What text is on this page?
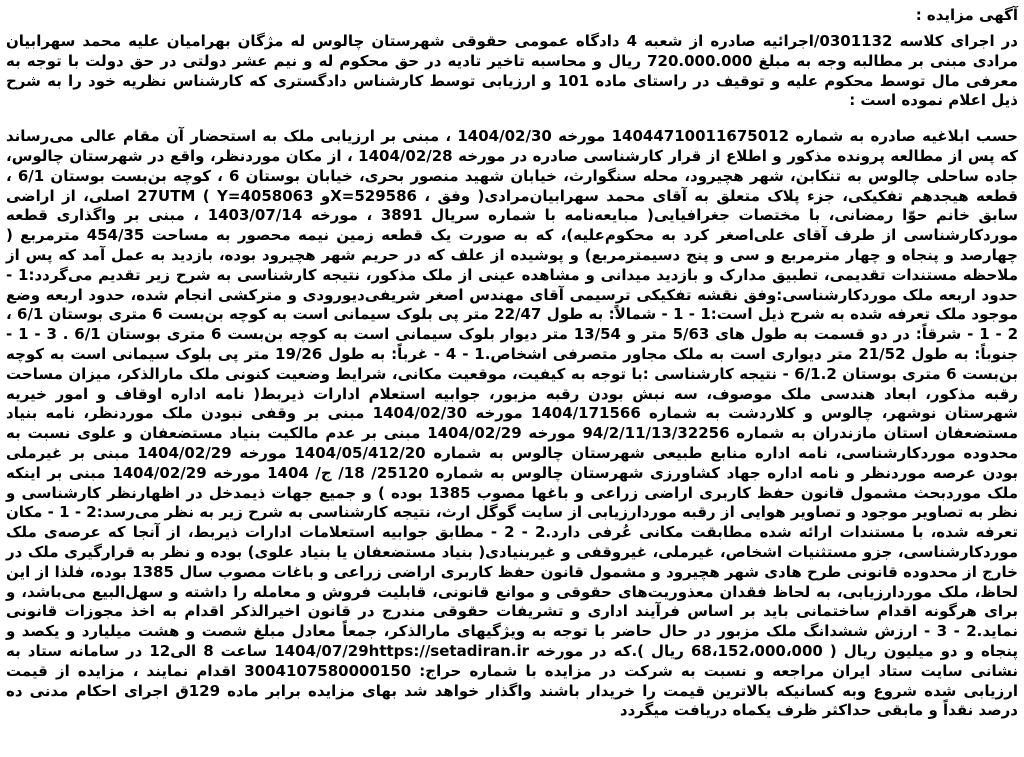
آگهی مزایده :

در اجرای کلاسه 0301132/اجرائیه صادره از شعبه 4 دادگاه عمومی حقوقی شهرستان چالوس له مژگان بهرامیان علیه محمد سهرابیان مرادی مبنی بر مطالبه وجه به مبلغ 720.000.000 ریال و محاسبه تاخیر تادیه در حق محکوم له و نیم عشر دولتی در حق دولت با توجه به معرفی مال توسط محکوم علیه و توقیف در راستای ماده 101 و ارزیابی توسط کارشناس دادگستری که کارشناس نظریه خود را به شرح ذیل اعلام نموده است :

حسب ابلاغیه صادره به شماره 14044710011675012 مورخه 1404/02/30 ، مبنی بر ارزیابی ملک به استحضار آن مقام عالی می‌رساند که پس از مطالعه پرونده مذکور و اطلاع از قرار کارشناسی صادره در مورخه 1404/02/28 ، از مکان موردنظر، واقع در شهرستان چالوس، جاده ساحلی چالوس به تنکابن، شهر هچیرود، محله سنگوارث، خیابان شهید منصور بحری، خیابان بوستان 6 ، کوچه بن‌بست بوستان 6/1 ، قطعه هیجدهم تفکیکی، جزء پلاک متعلق به آقای محمد سهرابیان‌مرادی( وفق ، X=529586و Y=4058063 ) 27UTM اصلی، از اراضی سابق خانم حوّا رمضانی، با مختصات جغرافیایی( مبایعه‌نامه با شماره سریال 3891 ، مورخه 1403/07/14 ، مبنی بر واگذاری قطعه موردکارشناسی از طرف آقای علی‌اصغر کرد به محکوم‌علیه)، که به صورت یک قطعه زمین نیمه محصور به مساحت 454/35 مترمربع ( چهارصد و پنجاه و چهار مترمربع و سی و پنج دسیمترمربع) و پوشیده از علف که در حریم شهر هچیرود بوده، بازدید به عمل آمد که پس از ملاحظه مستندات تقدیمی، تطبیق مدارک و بازدید میدانی و مشاهده عینی از ملک مذکور، نتیجه کارشناسی به شرح زیر تقدیم می‌گردد:1 - حدود اربعه ملک موردکارشناسی:وفق نقشه تفکیکی ترسیمی آقای مهندس اصغر شریفی‌دیورودی و مترکشی انجام شده، حدود اربعه وضع موجود ملک تعرفه شده به شرح ذیل است:1 - 1 - شمالاً: به طول 22/47 متر پی بلوک سیمانی است به کوچه بن‌بست 6 متری بوستان 6/1 ، 2 - 1 - شرقاً: در دو قسمت به طول های 5/63 متر و 13/54 متر دیوار بلوک سیمانی است به کوچه بن‌بست 6 متری بوستان 6/1 . 3 - 1 - جنوباً: به طول 21/52 متر دیواری است به ملک مجاور متصرفی اشخاص.1 - 4 - غرباً: به طول 19/26 متر پی بلوک سیمانی است به کوچه بن‌بست 6 متری بوستان 6/1.2 - نتیجه کارشناسی :با توجه به کیفیت، موقعیت مکانی، شرایط وضعیت کنونی ملک مارالذکر، میزان مساحت رقبه مذکور، ابعاد هندسی ملک موصوف، سه نبش بودن رقبه مزبور، جوابیه استعلام ادارات ذیربط( نامه اداره اوقاف و امور خیریه شهرستان نوشهر، چالوس و کلاردشت به شماره 1404/171566 مورخه 1404/02/30 مبنی بر وقفی نبودن ملک موردنظر، نامه بنیاد مستضعفان استان مازندران به شماره 94/2/11/13/32256 مورخه 1404/02/29 مبنی بر عدم مالکیت بنیاد مستضعفان و علوی نسبت به محدوده موردکارشناسی، نامه اداره منابع طبیعی شهرستان چالوس به شماره 1404/05/412/20 مورخه 1404/02/29 مبنی بر غیرملی بودن عرصه موردنظر و نامه اداره جهاد کشاورزی شهرستان چالوس به شماره 25120/ 18/ ج/ 1404 مورخه 1404/02/29 مبنی بر اینکه ملک موردبحث مشمول قانون حفظ کاربری اراضی زراعی و باغها مصوب 1385 بوده ) و جمیع جهات ذیمدخل در اظهارنظر کارشناسی و نظر به تصاویر موجود و تصاویر هوایی از رقبه موردارزیابی از سایت گوگل ارث، نتیجه کارشناسی به شرح زیر به نظر می‌رسد:2 - 1 - مکان تعرفه شده، با مستندات ارائه شده مطابقت مکانی عُرفی دارد.2 - 2 - مطابق جوابیه استعلامات ادارات ذیربط، از آنجا که عرصه‌ی ملک موردکارشناسی، جزو مستثنیات اشخاص، غیرملی، غیروقفی و غیربنیادی( بنیاد مستضعفان یا بنیاد علوی) بوده و نظر به قرارگیری ملک در خارج از محدوده قانونی طرح هادی شهر هچیرود و مشمول قانون حفظ کاربری اراضی زراعی و باغات مصوب سال 1385 بوده، فلذا از این لحاظ، ملک موردارزیابی، به لحاظ فقدان معذوریت‌های حقوقی و موانع قانونی، قابلیت فروش و معامله را داشته و سهل‌البیع می‌باشد، و برای هرگونه اقدام ساختمانی باید بر اساس فرآیند اداری و تشریفات حقوقی مندرج در قانون اخیرالذکر اقدام به اخذ مجوزات قانونی نماید.2 - 3 - ارزش ششدانگ ملک مزبور در حال حاضر با توجه به ویژگیهای مارالذکر، جمعاً معادل مبلغ شصت و هشت میلیارد و یکصد و پنجاه و دو میلیون ریال ( 68،152،000،000 ریال ).که در مورخه 1404/07/29https://setadiran.ir ساعت 8 الی12 در سامانه ستاد به نشانی سایت ستاد ایران مراجعه و نسبت به شرکت در مزایده با شماره حراج: 3004107580000150 اقدام نمایند ، مزایده از قیمت ارزیابی شده شروع وبه کسانیکه بالاترین قیمت را خریدار باشند واگذار خواهد شد بهای مزایده برابر ماده 129ق اجرای احکام مدنی ده درصد نقداً و مابقی حداکثر ظرف یکماه دریافت میگردد
